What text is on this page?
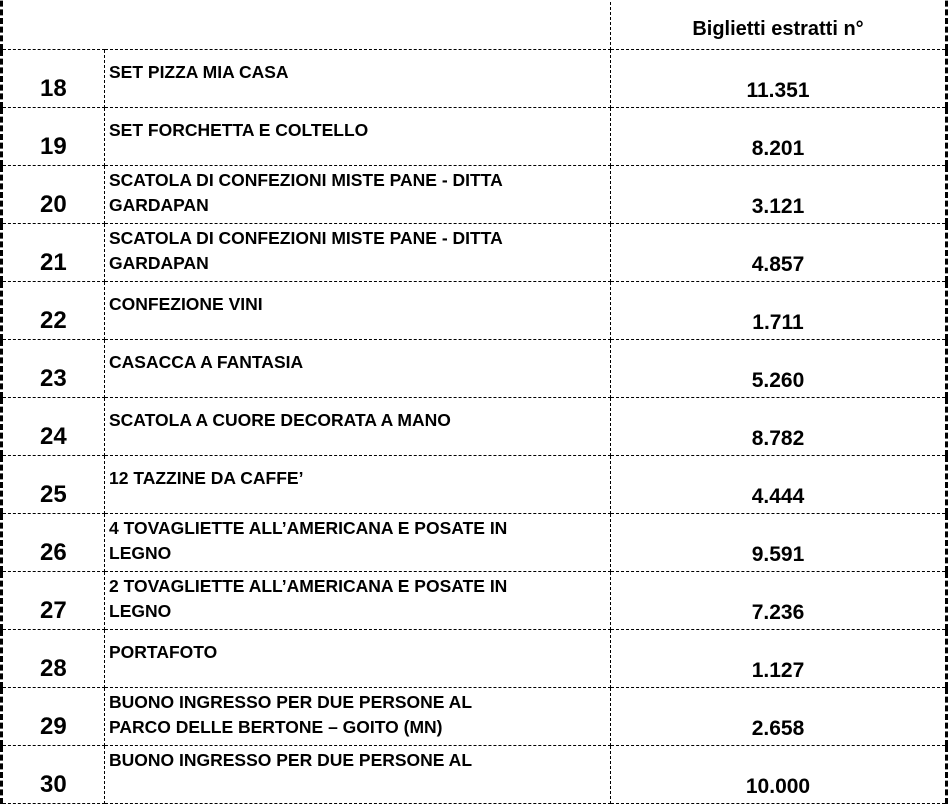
		Biglietti estratti n°

18	SET PIZZA MIA CASA	11.351

19	SET FORCHETTA E COLTELLO	8.201

20	SCATOLA DI CONFEZIONI MISTE PANE - DITTA
GARDAPAN	3.121

21	SCATOLA DI CONFEZIONI MISTE PANE - DITTA
GARDAPAN	4.857

22	CONFEZIONE VINI	1.711

23	CASACCA A FANTASIA	5.260

24	SCATOLA A CUORE DECORATA A MANO	8.782

25	12 TAZZINE DA CAFFE’	4.444

26	4 TOVAGLIETTE ALL’AMERICANA E POSATE IN
LEGNO	9.591

27	2 TOVAGLIETTE ALL’AMERICANA E POSATE IN
LEGNO	7.236

28	PORTAFOTO	1.127

29	BUONO INGRESSO PER DUE PERSONE AL
PARCO DELLE BERTONE – GOITO (MN)	2.658

30	BUONO INGRESSO PER DUE PERSONE AL	10.000
